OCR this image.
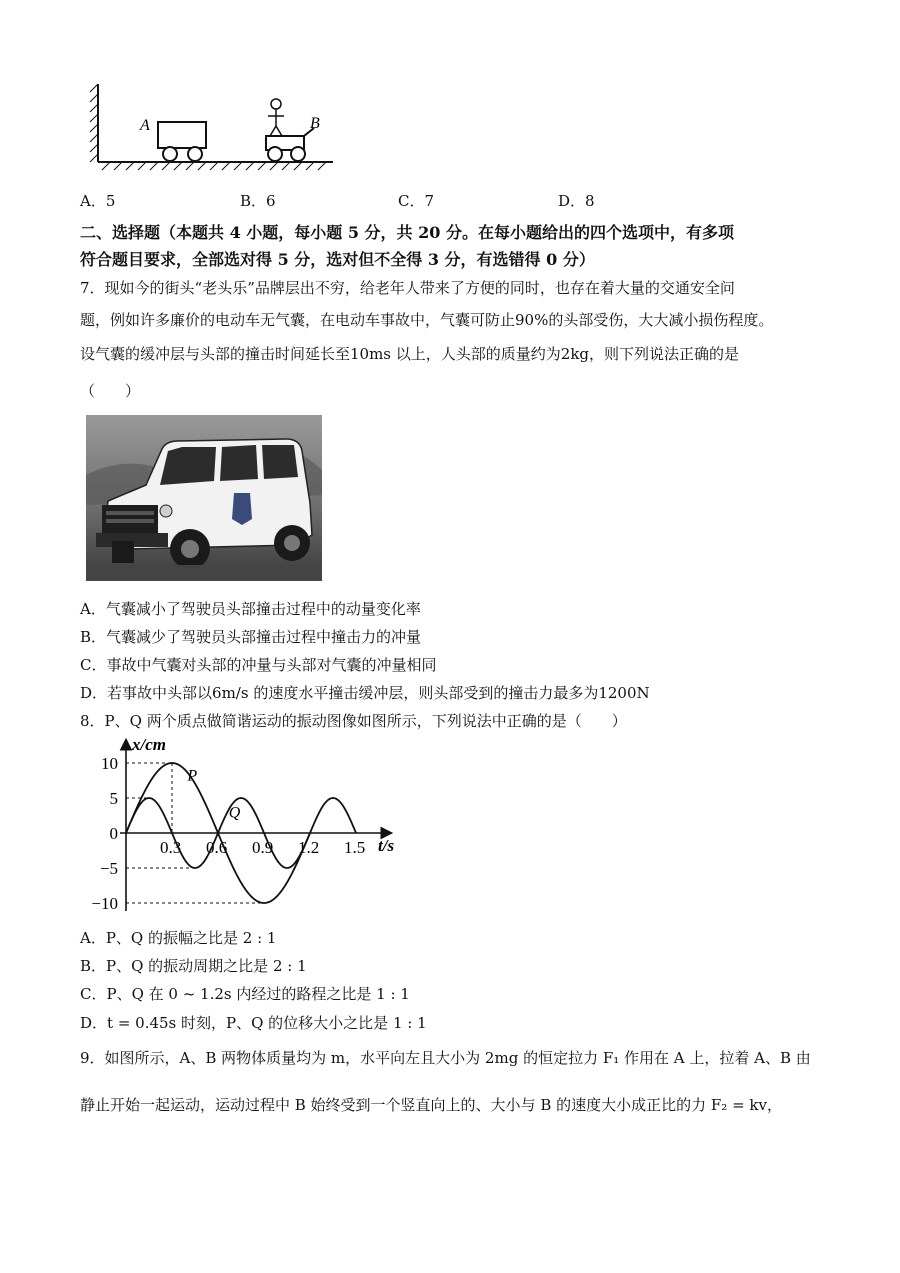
A	B
A．5	B．6	C．7	D．8
二、选择题（本题共 4 小题，每小题 5 分，共 20 分。在每小题给出的四个选项中，有多项
符合题目要求，全部选对得 5 分，选对但不全得 3 分，有选错得 0 分）
7．现如今的街头“老头乐”品牌层出不穷，给老年人带来了方便的同时，也存在着大量的交通安全问
题，例如许多廉价的电动车无气囊，在电动车事故中，气囊可防止90%的头部受伤，大大减小损伤程度。
设气囊的缓冲层与头部的撞击时间延长至10ms 以上，人头部的质量约为2kg，则下列说法正确的是
（　　）
A．气囊减小了驾驶员头部撞击过程中的动量变化率
B．气囊减少了驾驶员头部撞击过程中撞击力的冲量
C．事故中气囊对头部的冲量与头部对气囊的冲量相同
D．若事故中头部以6m/s 的速度水平撞击缓冲层，则头部受到的撞击力最多为1200N
8．P、Q 两个质点做简谐运动的振动图像如图所示，下列说法中正确的是（　　）
x/cm
t/s
0.3 0.6 0.9 1.2 1.5
10
5
0
−5
−10
P
Q
A．P、Q 的振幅之比是 2 : 1
B．P、Q 的振动周期之比是 2 : 1
C．P、Q 在 0 ~ 1.2s 内经过的路程之比是 1 : 1
D．t = 0.45s 时刻，P、Q 的位移大小之比是 1 : 1
9．如图所示，A、B 两物体质量均为 m，水平向左且大小为 2mg 的恒定拉力 F₁ 作用在 A 上，拉着 A、B 由
静止开始一起运动，运动过程中 B 始终受到一个竖直向上的、大小与 B 的速度大小成正比的力 F₂ = kv，
